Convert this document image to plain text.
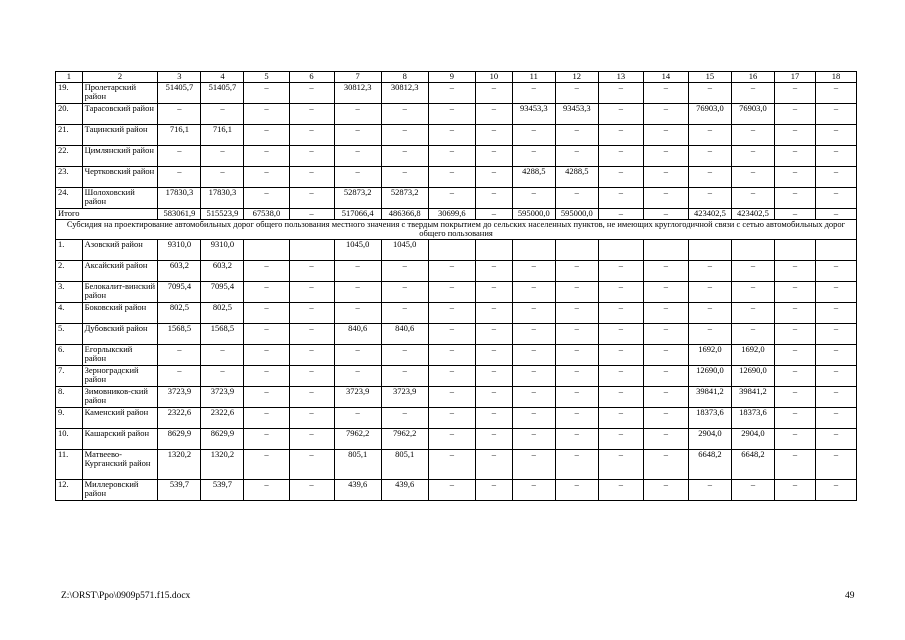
1	2	3	4	5	6	7	8	9	10	11	12	13	14	15	16	17	18
19.	Пролетарский район	51405,7	51405,7	–	–	30812,3	30812,3	–	–	–	–	–	–	–	–	–	–
20.	Тарасовский район	–	–	–	–	–	–	–	–	93453,3	93453,3	–	–	76903,0	76903,0	–	–
21.	Тацинский район	716,1	716,1	–	–	–	–	–	–	–	–	–	–	–	–	–	–
22.	Цимлянский район	–	–	–	–	–	–	–	–	–	–	–	–	–	–	–	–
23.	Чертковский район	–	–	–	–	–	–	–	–	4288,5	4288,5	–	–	–	–	–	–
24.	Шолоховский район	17830,3	17830,3	–	–	52873,2	52873,2	–	–	–	–	–	–	–	–	–	–
Итого		583061,9	515523,9	67538,0	–	517066,4	486366,8	30699,6	–	595000,0	595000,0	–	–	423402,5	423402,5	–	–
Субсидия на проектирование автомобильных дорог общего пользования местного значения с твердым покрытием до сельских населенных пунктов, не имеющих круглогодичной связи с сетью автомобильных дорог общего пользования																	
1.	Азовский район	9310,0	9310,0			1045,0	1045,0										
2.	Аксайский район	603,2	603,2	–	–	–	–	–	–	–	–	–	–	–	–	–	–
3.	Белокалит-винский район	7095,4	7095,4	–	–	–	–	–	–	–	–	–	–	–	–	–	–
4.	Боковский район	802,5	802,5	–	–	–	–	–	–	–	–	–	–	–	–	–	–
5.	Дубовский район	1568,5	1568,5	–	–	840,6	840,6	–	–	–	–	–	–	–	–	–	–
6.	Егорлыкский район	–	–	–	–	–	–	–	–	–	–	–	–	1692,0	1692,0	–	–
7.	Зерноградский район	–	–	–	–	–	–	–	–	–	–	–	–	12690,0	12690,0	–	–
8.	Зимовников-ский район	3723,9	3723,9	–	–	3723,9	3723,9	–	–	–	–	–	–	39841,2	39841,2	–	–
9.	Каменский район	2322,6	2322,6	–	–	–	–	–	–	–	–	–	–	18373,6	18373,6	–	–
10.	Кашарский район	8629,9	8629,9	–	–	7962,2	7962,2	–	–	–	–	–	–	2904,0	2904,0	–	–
11.	Матвеево-Курганский район	1320,2	1320,2	–	–	805,1	805,1	–	–	–	–	–	–	6648,2	6648,2	–	–
12.	Миллеровский район	539,7	539,7	–	–	439,6	439,6	–	–	–	–	–	–	–	–	–	–
Z:\ORST\Ppo\0909p571.f15.docx	49
